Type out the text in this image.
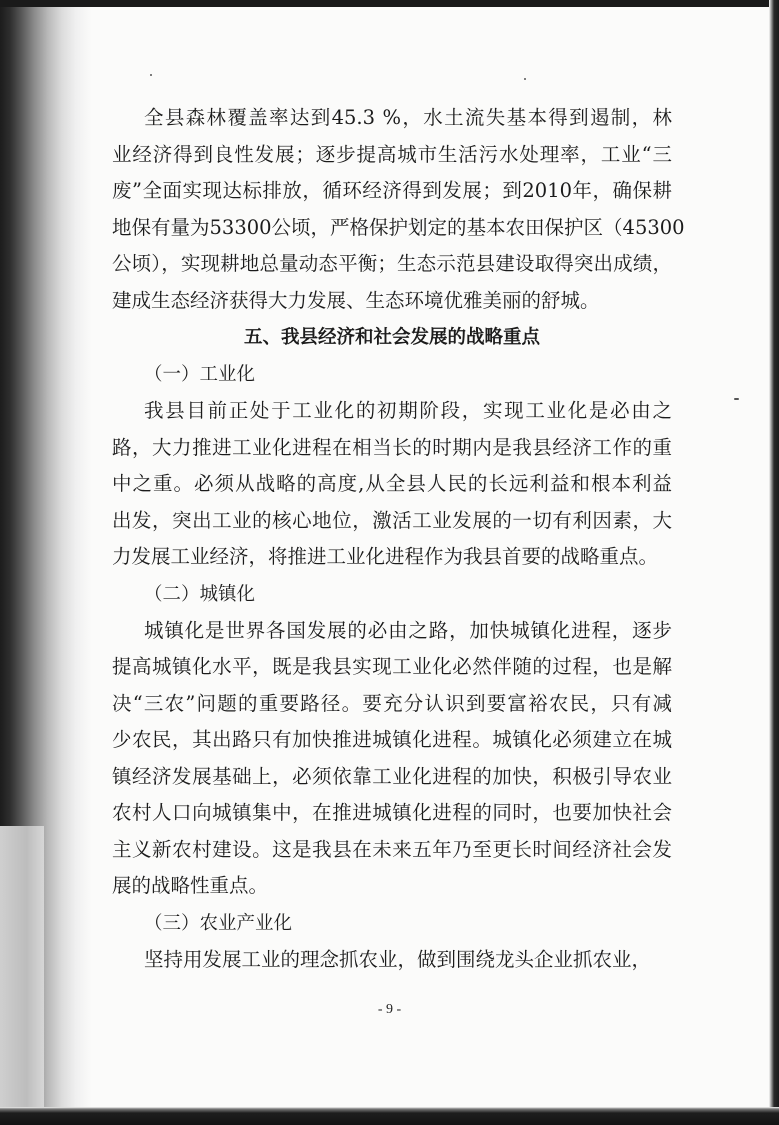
全县森林覆盖率达到45.3 %，水土流失基本得到遏制，林
业经济得到良性发展；逐步提高城市生活污水处理率，工业“三
废”全面实现达标排放，循环经济得到发展；到2010年，确保耕
地保有量为53300公顷，严格保护划定的基本农田保护区（45300
公顷），实现耕地总量动态平衡；生态示范县建设取得突出成绩，
建成生态经济获得大力发展、生态环境优雅美丽的舒城。
五、我县经济和社会发展的战略重点
（一）工业化
我县目前正处于工业化的初期阶段，实现工业化是必由之
路，大力推进工业化进程在相当长的时期内是我县经济工作的重
中之重。必须从战略的高度,从全县人民的长远利益和根本利益
出发，突出工业的核心地位，激活工业发展的一切有利因素，大
力发展工业经济，将推进工业化进程作为我县首要的战略重点。
（二）城镇化
城镇化是世界各国发展的必由之路，加快城镇化进程，逐步
提高城镇化水平，既是我县实现工业化必然伴随的过程，也是解
决“三农”问题的重要路径。要充分认识到要富裕农民，只有减
少农民，其出路只有加快推进城镇化进程。城镇化必须建立在城
镇经济发展基础上，必须依靠工业化进程的加快，积极引导农业
农村人口向城镇集中，在推进城镇化进程的同时，也要加快社会
主义新农村建设。这是我县在未来五年乃至更长时间经济社会发
展的战略性重点。
（三）农业产业化
坚持用发展工业的理念抓农业，做到围绕龙头企业抓农业，
- 9 -
